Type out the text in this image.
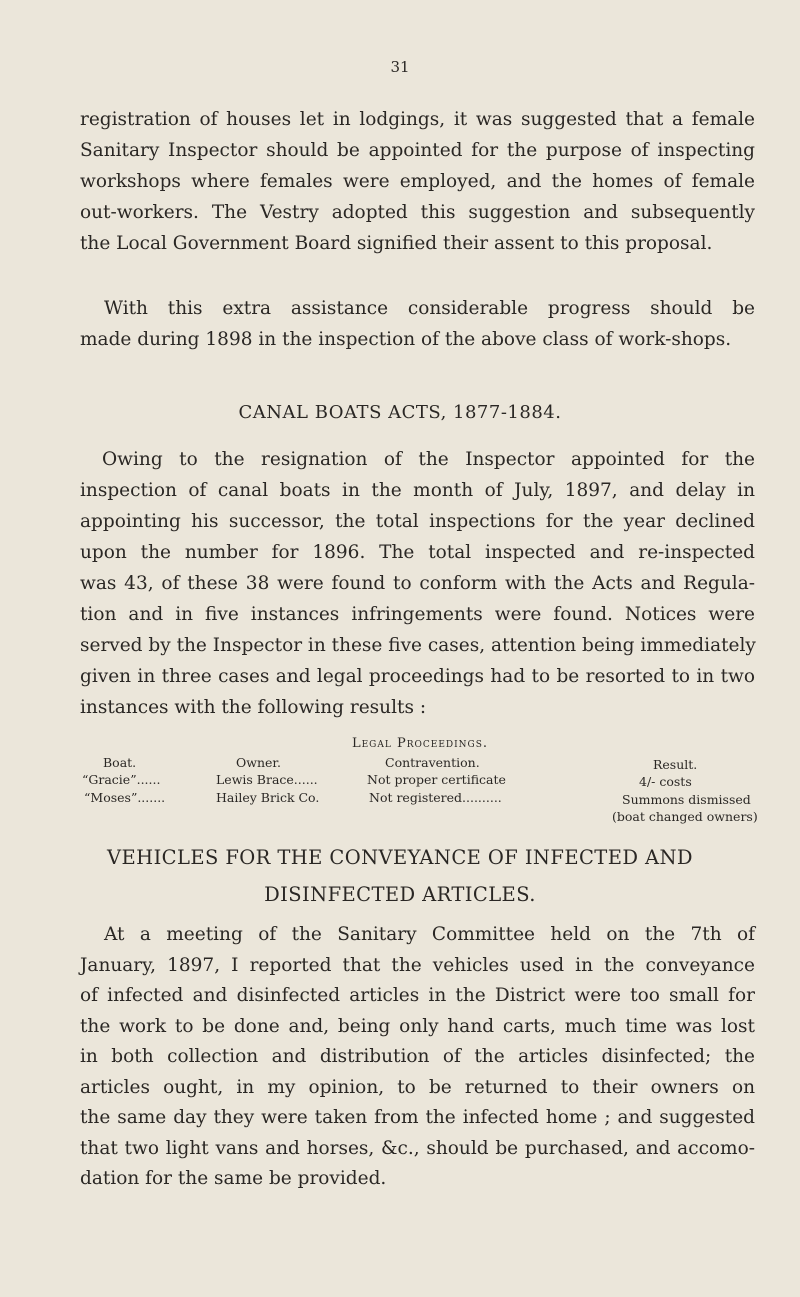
31
registration of houses let in lodgings, it was suggested that a female
Sanitary Inspector should be appointed for the purpose of inspecting
workshops where females were employed, and the homes of female
out-workers. The Vestry adopted this suggestion and subsequently
the Local Government Board signified their assent to this proposal.
With this extra assistance considerable progress should be
made during 1898 in the inspection of the above class of work-shops.
CANAL BOATS ACTS, 1877-1884.
Owing to the resignation of the Inspector appointed for the
inspection of canal boats in the month of July, 1897, and delay in
appointing his successor, the total inspections for the year declined
upon the number for 1896. The total inspected and re-inspected
was 43, of these 38 were found to conform with the Acts and Regula-
tion and in five instances infringements were found. Notices were
served by the Inspector in these five cases, attention being immediately
given in three cases and legal proceedings had to be resorted to in two
instances with the following results :
Legal Proceedings.
Boat.	Owner.	Contravention.	Result.
“Gracie”......	Lewis Brace......	Not proper certificate	4/- costs
“Moses”.......	Hailey Brick Co.	Not registered..........	Summons dismissed
(boat changed owners)
VEHICLES FOR THE CONVEYANCE OF INFECTED AND
DISINFECTED ARTICLES.
At a meeting of the Sanitary Committee held on the 7th of
January, 1897, I reported that the vehicles used in the conveyance
of infected and disinfected articles in the District were too small for
the work to be done and, being only hand carts, much time was lost
in both collection and distribution of the articles disinfected; the
articles ought, in my opinion, to be returned to their owners on
the same day they were taken from the infected home ; and suggested
that two light vans and horses, &c., should be purchased, and accomo-
dation for the same be provided.
